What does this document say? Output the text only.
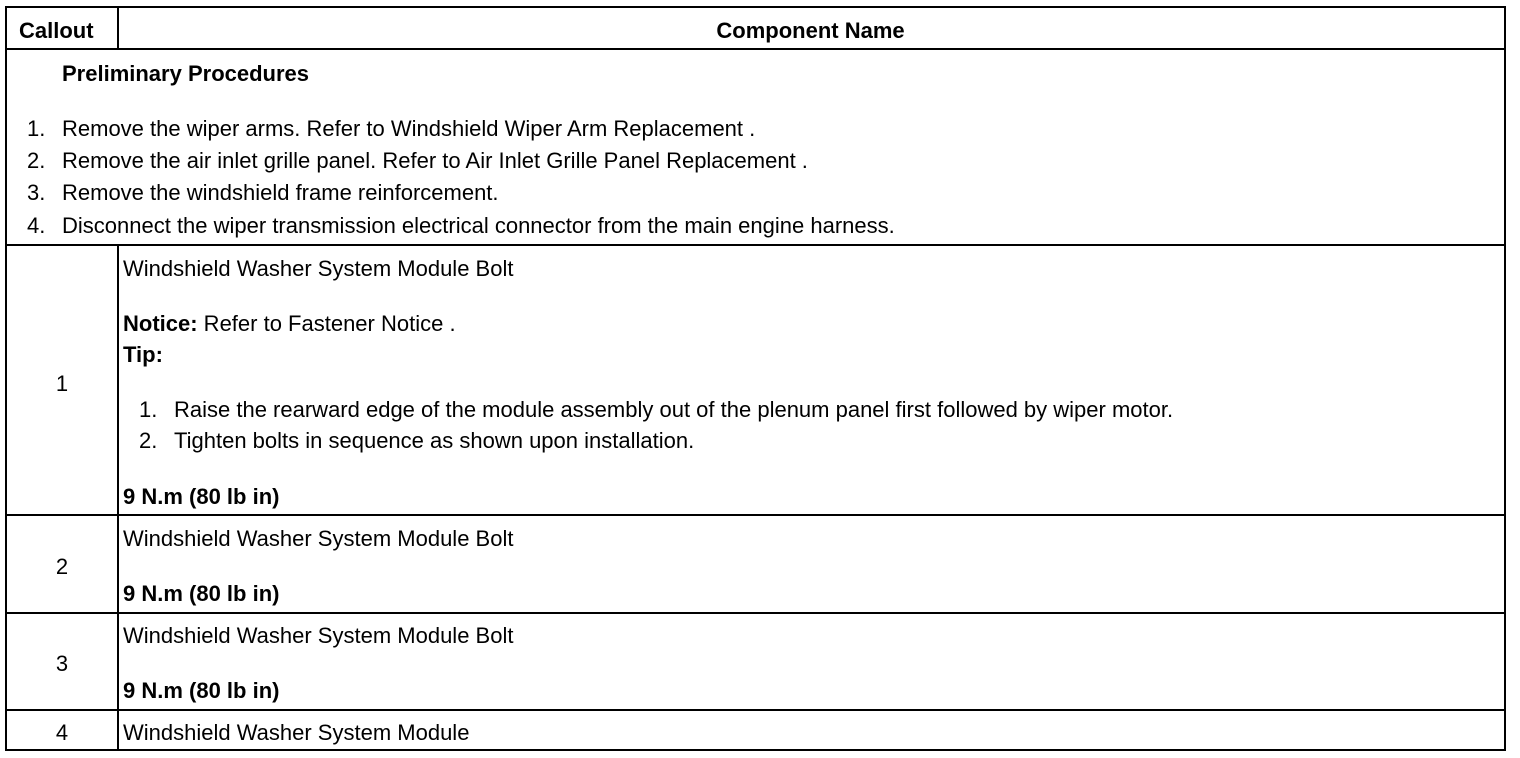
Callout	Component Name
Preliminary Procedures
1. Remove the wiper arms. Refer to Windshield Wiper Arm Replacement .
2. Remove the air inlet grille panel. Refer to Air Inlet Grille Panel Replacement .
3. Remove the windshield frame reinforcement.
4. Disconnect the wiper transmission electrical connector from the main engine harness.
1
Windshield Washer System Module Bolt
Notice: Refer to Fastener Notice .
Tip:
1. Raise the rearward edge of the module assembly out of the plenum panel first followed by wiper motor.
2. Tighten bolts in sequence as shown upon installation.
9 N.m (80 lb in)
2
Windshield Washer System Module Bolt
9 N.m (80 lb in)
3
Windshield Washer System Module Bolt
9 N.m (80 lb in)
4	Windshield Washer System Module
